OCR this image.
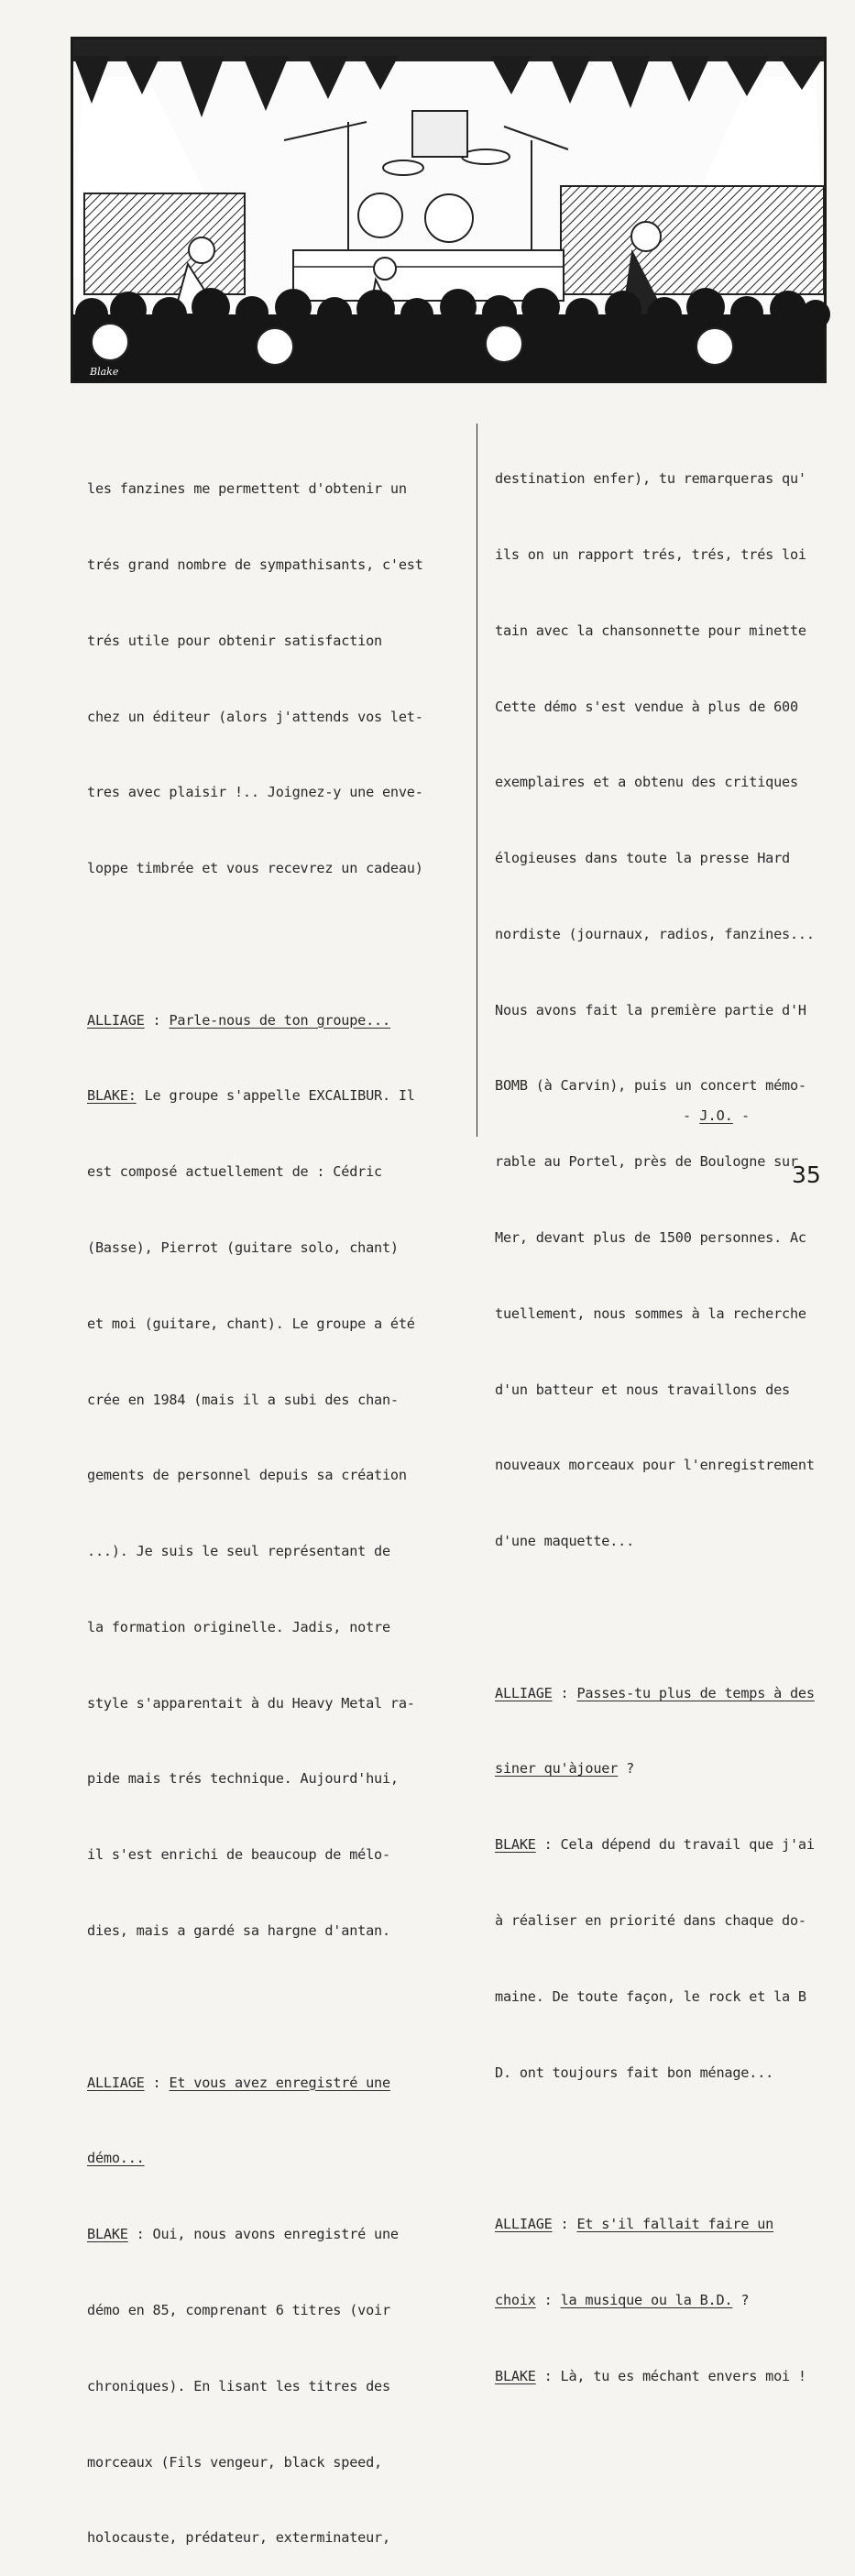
Blake

les fanzines me permettent d'obtenir un

trés grand nombre de sympathisants, c'est

trés utile pour obtenir satisfaction

chez un éditeur (alors j'attends vos let-

tres avec plaisir !.. Joignez-y une enve-

loppe timbrée et vous recevrez un cadeau)

ALLIAGE : Parle-nous de ton groupe...

BLAKE: Le groupe s'appelle EXCALIBUR. Il

est composé actuellement de : Cédric

(Basse), Pierrot (guitare solo, chant)

et moi (guitare, chant). Le groupe a été

crée en 1984 (mais il a subi des chan-

gements de personnel depuis sa création

...). Je suis le seul représentant de

la formation originelle. Jadis, notre

style s'apparentait à du Heavy Metal ra-

pide mais trés technique. Aujourd'hui,

il s'est enrichi de beaucoup de mélo-

dies, mais a gardé sa hargne d'antan.

ALLIAGE : Et vous avez enregistré une

démo...

BLAKE : Oui, nous avons enregistré une

démo en 85, comprenant 6 titres (voir

chroniques). En lisant les titres des

morceaux (Fils vengeur, black speed,

holocauste, prédateur, exterminateur,

destination enfer), tu remarqueras qu'

ils on un rapport trés, trés, trés loi

tain avec la chansonnette pour minette

Cette démo s'est vendue à plus de 600

exemplaires et a obtenu des critiques

élogieuses dans toute la presse Hard

nordiste (journaux, radios, fanzines...

Nous avons fait la première partie d'H

BOMB (à Carvin), puis un concert mémo-

rable au Portel, près de Boulogne sur

Mer, devant plus de 1500 personnes. Ac

tuellement, nous sommes à la recherche

d'un batteur et nous travaillons des

nouveaux morceaux pour l'enregistrement

d'une maquette...

ALLIAGE : Passes-tu plus de temps à des

siner qu'àjouer ?

BLAKE : Cela dépend du travail que j'ai

à réaliser en priorité dans chaque do-

maine. De toute façon, le rock et la B

D. ont toujours fait bon ménage...

ALLIAGE : Et s'il fallait faire un

choix : la musique ou la B.D. ?

BLAKE : Là, tu es méchant envers moi !

- J.O. -
35
